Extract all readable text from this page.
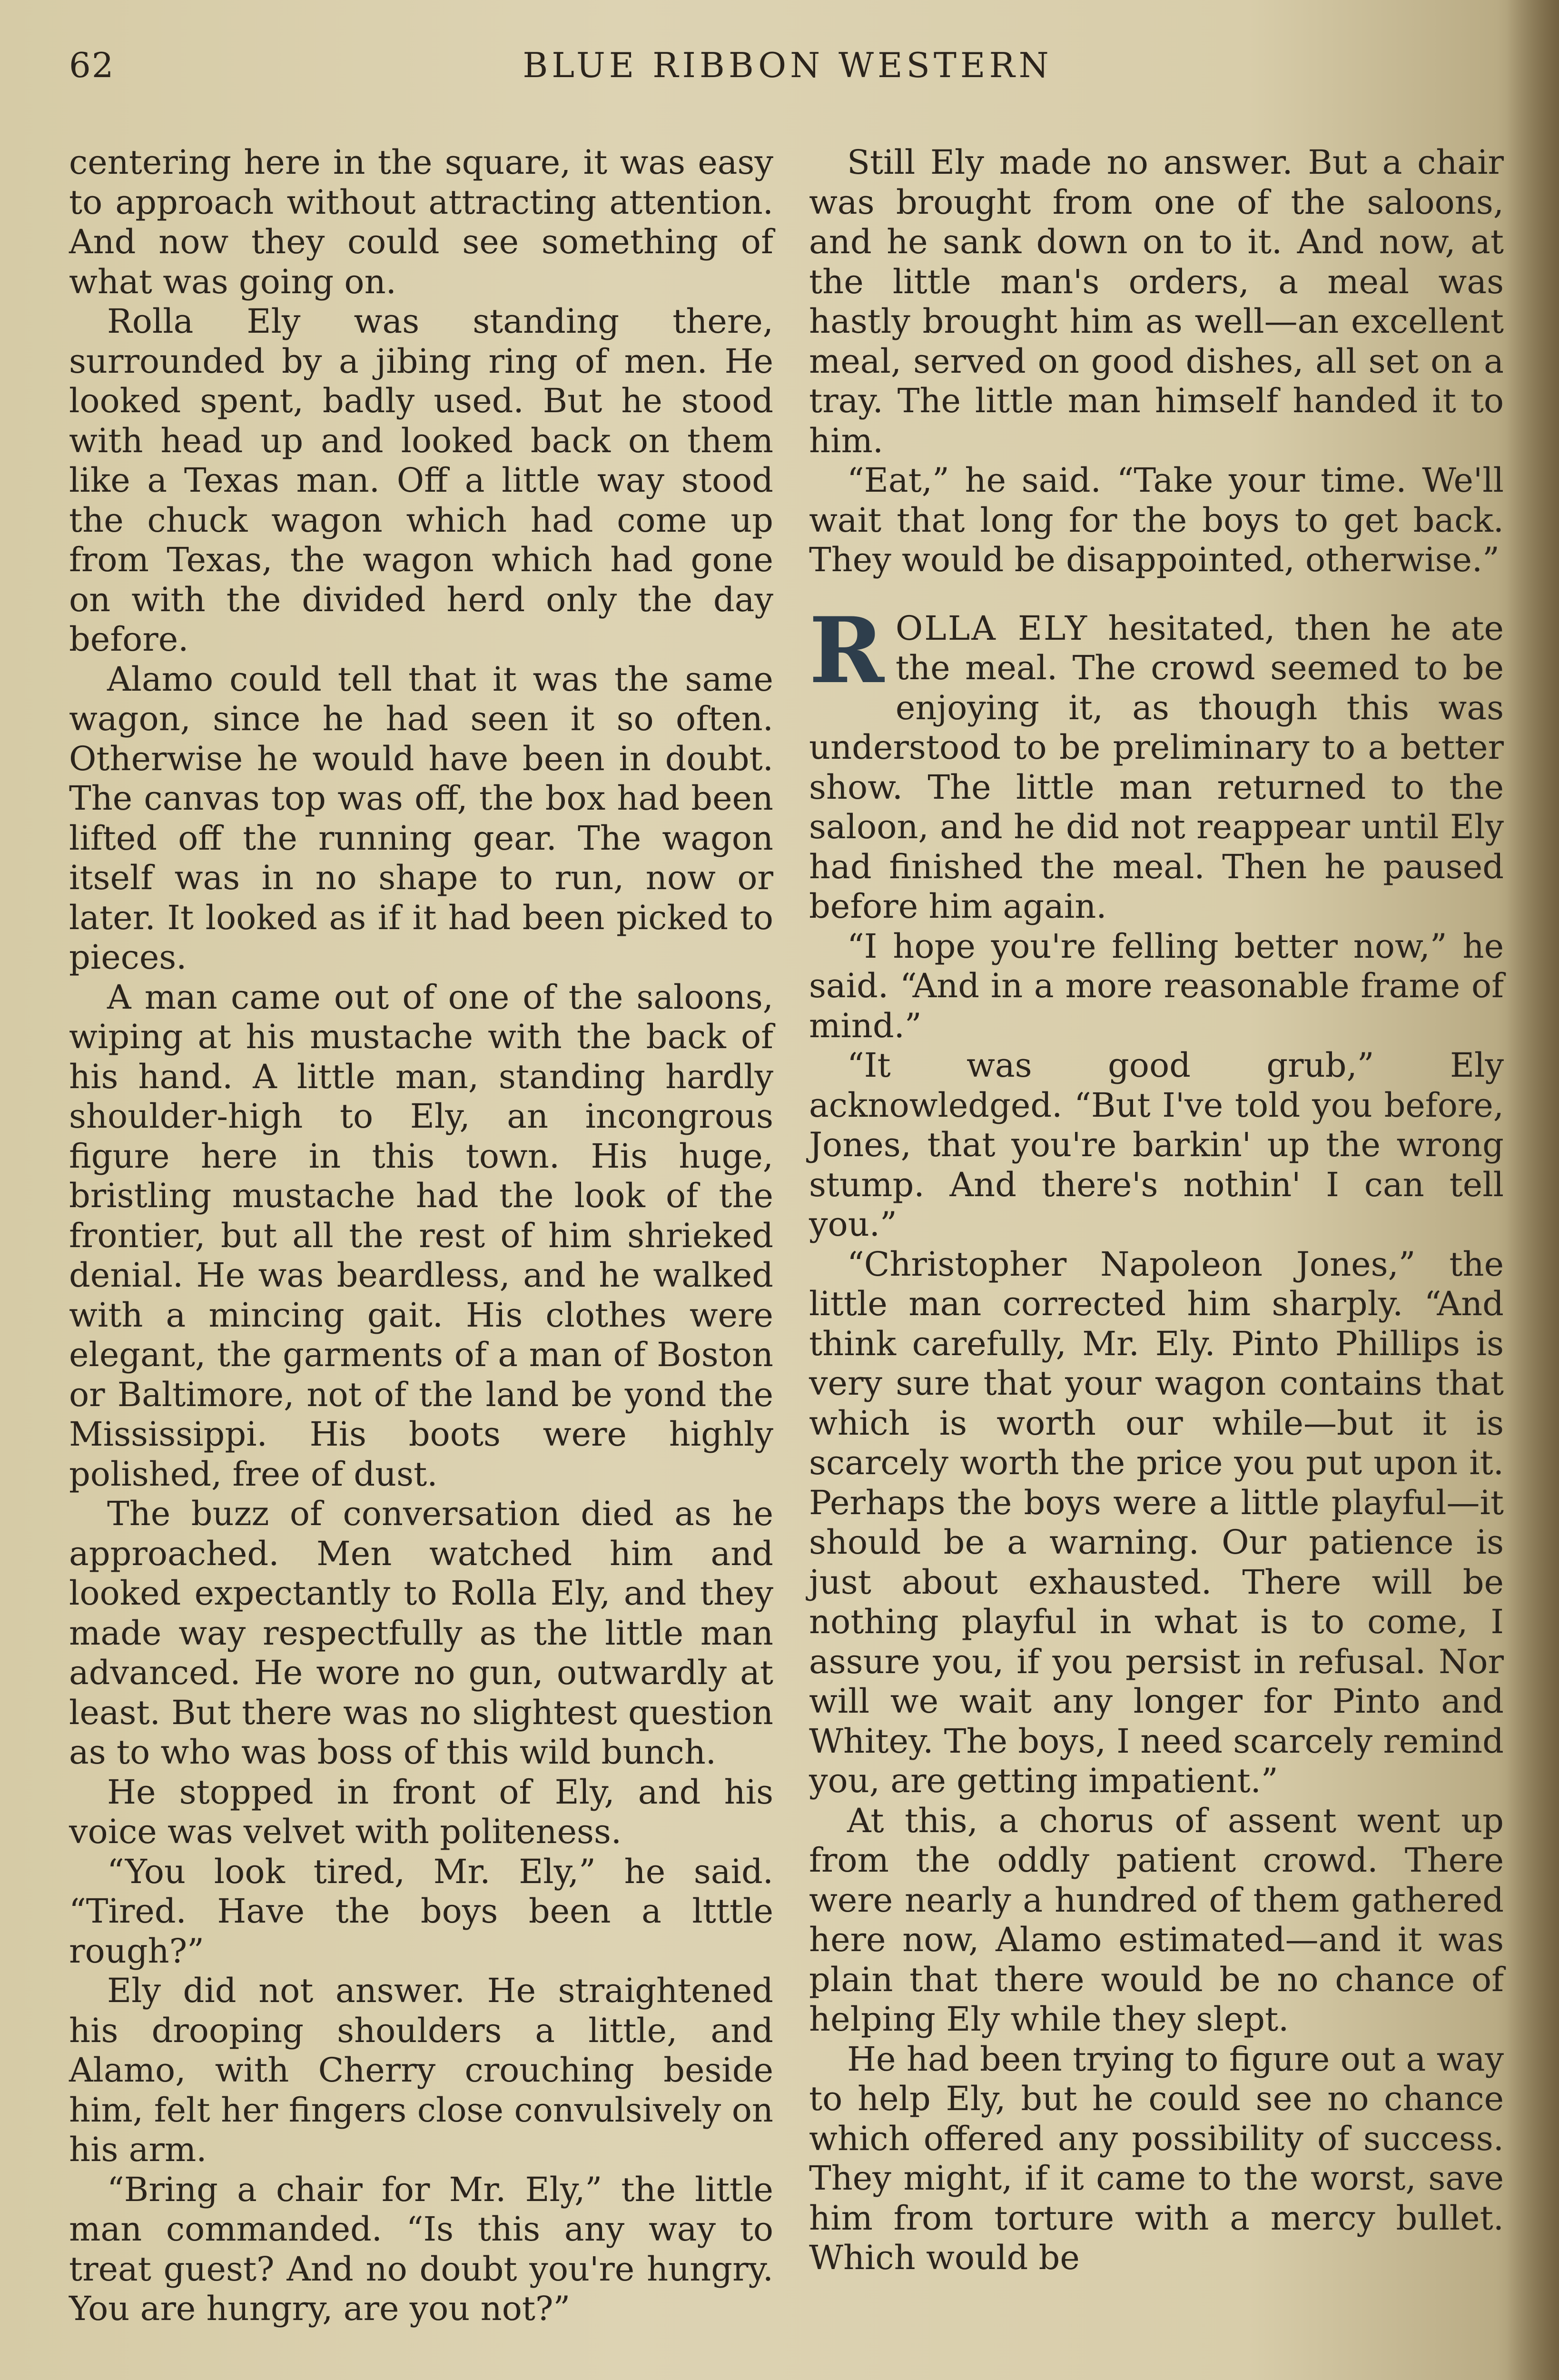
62	BLUE RIBBON WESTERN

centering here in the square, it was easy to approach without attracting attention. And now they could see something of what was going on.

Rolla Ely was standing there, surrounded by a jibing ring of men. He looked spent, badly used. But he stood with head up and looked back on them like a Texas man. Off a little way stood the chuck wagon which had come up from Texas, the wagon which had gone on with the divided herd only the day before.

Alamo could tell that it was the same wagon, since he had seen it so often. Otherwise he would have been in doubt. The canvas top was off, the box had been lifted off the running gear. The wagon itself was in no shape to run, now or later. It looked as if it had been picked to pieces.

A man came out of one of the saloons, wiping at his mustache with the back of his hand. A little man, standing hardly shoulder-high to Ely, an incongrous figure here in this town. His huge, bristling mustache had the look of the frontier, but all the rest of him shrieked denial. He was beardless, and he walked with a mincing gait. His clothes were elegant, the garments of a man of Boston or Baltimore, not of the land be yond the Mississippi. His boots were highly polished, free of dust.

The buzz of conversation died as he approached. Men watched him and looked expectantly to Rolla Ely, and they made way respectfully as the little man advanced. He wore no gun, outwardly at least. But there was no slightest question as to who was boss of this wild bunch.

He stopped in front of Ely, and his voice was velvet with politeness.

“You look tired, Mr. Ely,” he said. “Tired. Have the boys been a ltttle rough?”

Ely did not answer. He straightened his drooping shoulders a little, and Alamo, with Cherry crouching beside him, felt her fingers close convulsively on his arm.

“Bring a chair for Mr. Ely,” the little man commanded. “Is this any way to treat guest? And no doubt you're hungry. You are hungry, are you not?”

Still Ely made no answer. But a chair was brought from one of the saloons, and he sank down on to it. And now, at the little man's orders, a meal was hastly brought him as well—an excellent meal, served on good dishes, all set on a tray. The little man himself handed it to him.

“Eat,” he said. “Take your time. We'll wait that long for the boys to get back. They would be disappointed, otherwise.”

ROLLA ELY hesitated, then he ate the meal. The crowd seemed to be enjoying it, as though this was understood to be preliminary to a better show. The little man returned to the saloon, and he did not reappear until Ely had finished the meal. Then he paused before him again.

“I hope you're felling better now,” he said. “And in a more reasonable frame of mind.”

“It was good grub,” Ely acknowledged. “But I've told you before, Jones, that you're barkin' up the wrong stump. And there's nothin' I can tell you.”

“Christopher Napoleon Jones,” the little man corrected him sharply. “And think carefully, Mr. Ely. Pinto Phillips is very sure that your wagon contains that which is worth our while—but it is scarcely worth the price you put upon it. Perhaps the boys were a little playful—it should be a warning. Our patience is just about exhausted. There will be nothing playful in what is to come, I assure you, if you persist in refusal. Nor will we wait any longer for Pinto and Whitey. The boys, I need scarcely remind you, are getting impatient.”

At this, a chorus of assent went up from the oddly patient crowd. There were nearly a hundred of them gathered here now, Alamo estimated—and it was plain that there would be no chance of helping Ely while they slept.

He had been trying to figure out a way to help Ely, but he could see no chance which offered any possibility of success. They might, if it came to the worst, save him from torture with a mercy bullet. Which would be
